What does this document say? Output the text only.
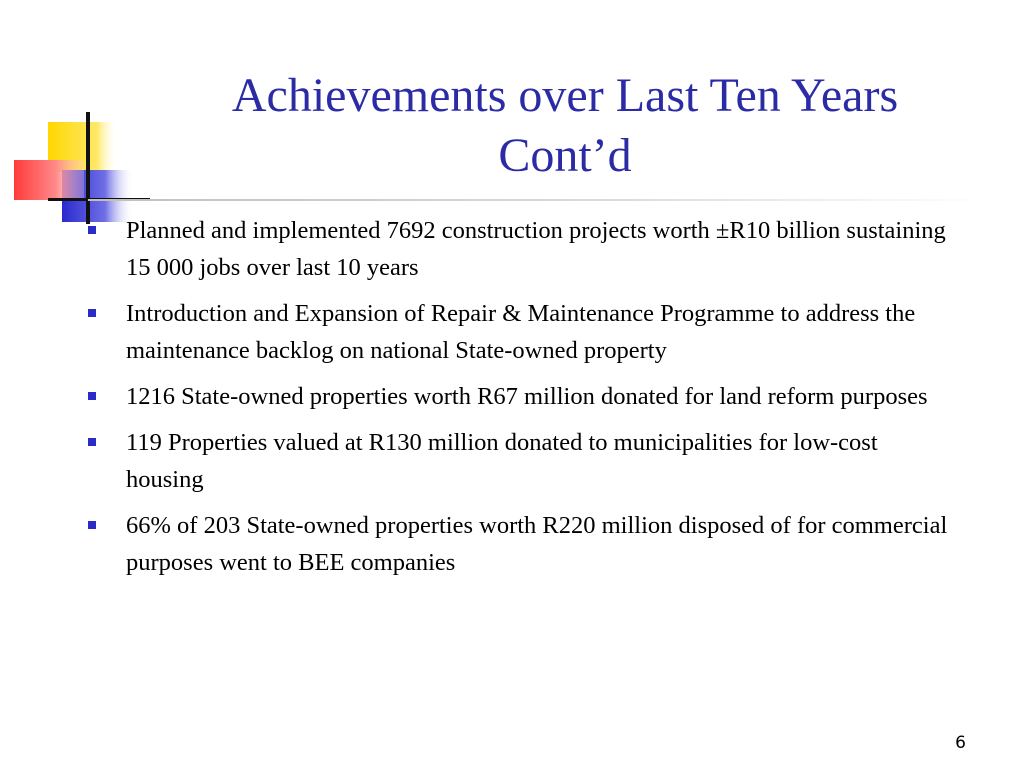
Achievements over Last Ten Years
Cont’d
Planned and implemented 7692 construction projects worth ±R10 billion sustaining 15 000 jobs over last 10 years
Introduction and Expansion of Repair & Maintenance Programme to address the maintenance backlog on national State-owned property
1216 State-owned properties worth R67 million donated for land reform purposes
119 Properties valued at R130 million donated to municipalities for low-cost housing
66% of 203 State-owned properties worth R220 million disposed of for commercial purposes went to BEE companies
6
